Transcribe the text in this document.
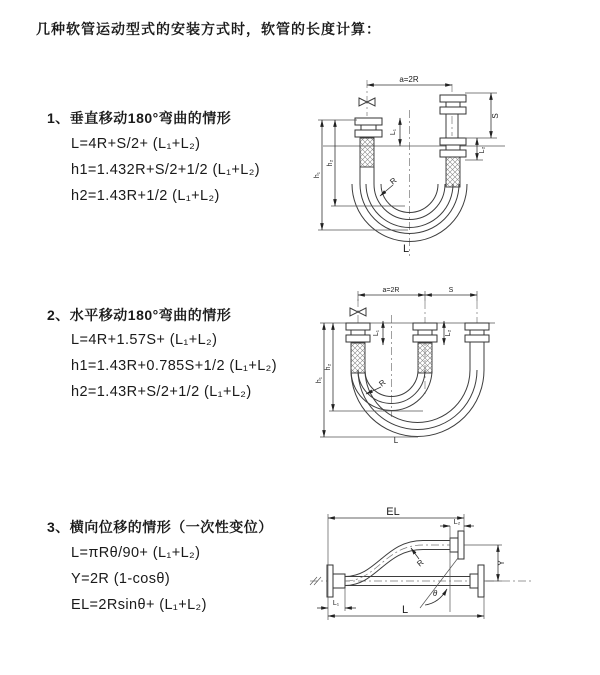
几种软管运动型式的安装方式时，软管的长度计算：
1、垂直移动180°弯曲的情形
L=4R+S/2+ (L₁+L₂)
h1=1.432R+S/2+1/2 (L₁+L₂)
h2=1.43R+1/2 (L₁+L₂)
2、水平移动180°弯曲的情形
L=4R+1.57S+ (L₁+L₂)
h1=1.43R+0.785S+1/2 (L₁+L₂)
h2=1.43R+S/2+1/2 (L₁+L₂)
3、横向位移的情形（一次性变位）
L=πRθ/90+ (L₁+L₂)
Y=2R (1-cosθ)
EL=2Rsinθ+ (L₁+L₂)
a=2R
h₁
h₂
L₁
S
L₂
R
L
a=2R	S
h₁
h₂
L₁	L₂
R
L
EL
L₂
Y
θ
R
L₁
L
